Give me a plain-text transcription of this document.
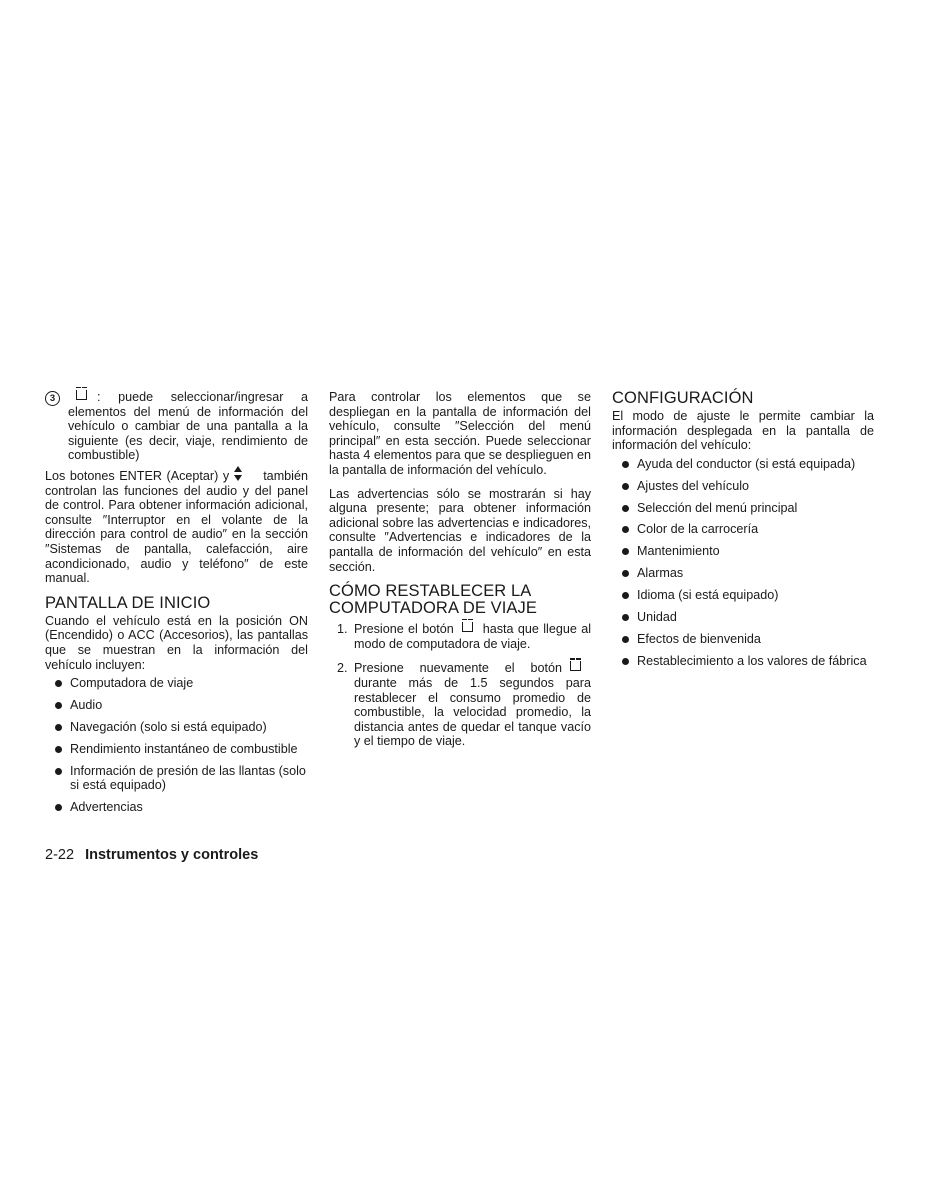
3	: puede seleccionar/ingresar a elementos del menú de información del vehículo o cambiar de una pantalla a la siguiente (es decir, viaje, rendimiento de combustible)

Los botones ENTER (Aceptar) y	también controlan las funciones del audio y del panel de control. Para obtener información adicional, consulte ″Interruptor en el volante de la dirección para control de audio″ en la sección ″Sistemas de pantalla, calefacción, aire acondicionado, audio y teléfono″ de este manual.

PANTALLA DE INICIO

Cuando el vehículo está en la posición ON (Encendido) o ACC (Accesorios), las pantallas que se muestran en la información del vehículo incluyen:

Computadora de viaje
Audio
Navegación (solo si está equipado)
Rendimiento instantáneo de combustible
Información de presión de las llantas (solo si está equipado)
Advertencias

Para controlar los elementos que se despliegan en la pantalla de información del vehículo, consulte ″Selección del menú principal″ en esta sección. Puede seleccionar hasta 4 elementos para que se desplieguen en la pantalla de información del vehículo.

Las advertencias sólo se mostrarán si hay alguna presente; para obtener información adicional sobre las advertencias e indicadores, consulte ″Advertencias e indicadores de la pantalla de información del vehículo″ en esta sección.

CÓMO RESTABLECER LA
COMPUTADORA DE VIAJE
1. Presione el botón hasta que llegue al modo de computadora de viaje.
2. Presione nuevamente el botóndurante más de 1.5 segundos para restablecer el consumo promedio de combustible, la velocidad promedio, la distancia antes de quedar el tanque vacío y el tiempo de viaje.
CONFIGURACIÓN

El modo de ajuste le permite cambiar la información desplegada en la pantalla de información del vehículo:

Ayuda del conductor (si está equipada)
Ajustes del vehículo
Selección del menú principal
Color de la carrocería
Mantenimiento
Alarmas
Idioma (si está equipado)
Unidad
Efectos de bienvenida
Restablecimiento a los valores de fábrica
2-22 Instrumentos y controles
